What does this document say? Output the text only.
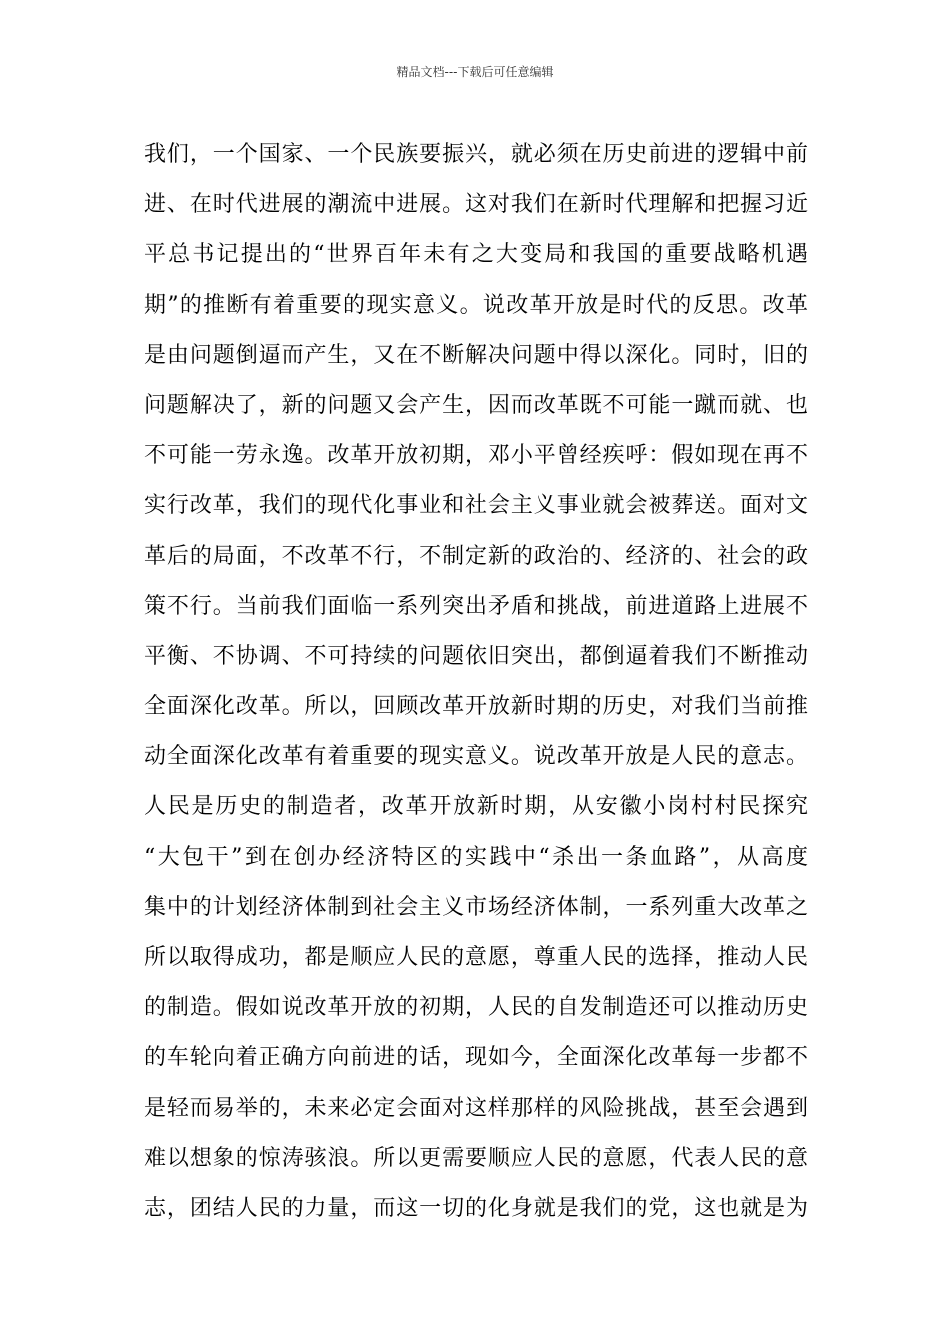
精品文档---下载后可任意编辑
我们，一个国家、一个民族要振兴，就必须在历史前进的逻辑中前
进、在时代进展的潮流中进展。这对我们在新时代理解和把握习近
平总书记提出的“世界百年未有之大变局和我国的重要战略机遇
期”的推断有着重要的现实意义。说改革开放是时代的反思。改革
是由问题倒逼而产生，又在不断解决问题中得以深化。同时，旧的
问题解决了，新的问题又会产生，因而改革既不可能一蹴而就、也
不可能一劳永逸。改革开放初期，邓小平曾经疾呼：假如现在再不
实行改革，我们的现代化事业和社会主义事业就会被葬送。面对文
革后的局面，不改革不行，不制定新的政治的、经济的、社会的政
策不行。当前我们面临一系列突出矛盾和挑战，前进道路上进展不
平衡、不协调、不可持续的问题依旧突出，都倒逼着我们不断推动
全面深化改革。所以，回顾改革开放新时期的历史，对我们当前推
动全面深化改革有着重要的现实意义。说改革开放是人民的意志。
人民是历史的制造者，改革开放新时期，从安徽小岗村村民探究
“大包干”到在创办经济特区的实践中“杀出一条血路”，从高度
集中的计划经济体制到社会主义市场经济体制，一系列重大改革之
所以取得成功，都是顺应人民的意愿，尊重人民的选择，推动人民
的制造。假如说改革开放的初期，人民的自发制造还可以推动历史
的车轮向着正确方向前进的话，现如今，全面深化改革每一步都不
是轻而易举的，未来必定会面对这样那样的风险挑战，甚至会遇到
难以想象的惊涛骇浪。所以更需要顺应人民的意愿，代表人民的意
志，团结人民的力量，而这一切的化身就是我们的党，这也就是为
